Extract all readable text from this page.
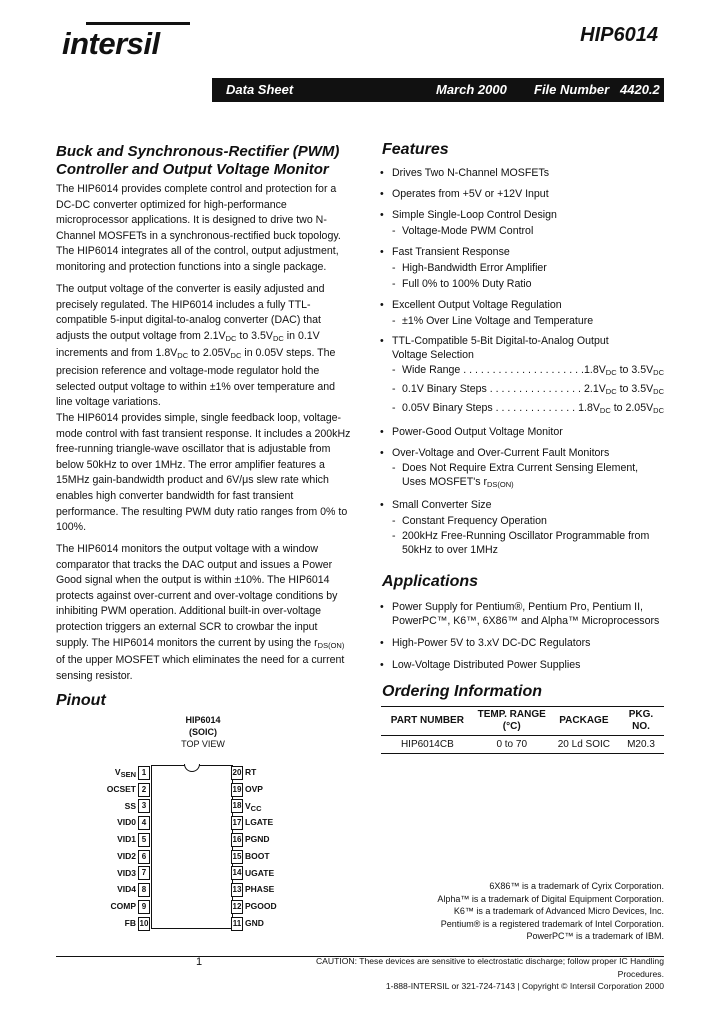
intersil	HIP6014
Data Sheet	March 2000 File Number 4420.2
Buck and Synchronous-Rectifier (PWM) Controller and Output Voltage Monitor
The HIP6014 provides complete control and protection for a DC-DC converter optimized for high-performance microprocessor applications. It is designed to drive two N-Channel MOSFETs in a synchronous-rectified buck topology. The HIP6014 integrates all of the control, output adjustment, monitoring and protection functions into a single package.
The output voltage of the converter is easily adjusted and precisely regulated. The HIP6014 includes a fully TTL-compatible 5-input digital-to-analog converter (DAC) that adjusts the output voltage from $2.1V_{DC}$ to $3.5V_{DC}$ in 0.1V increments and from $1.8V_{DC}$ to $2.05V_{DC}$ in 0.05V steps. The precision reference and voltage-mode regulator hold the selected output voltage to within ±1% over temperature and line voltage variations.
The HIP6014 provides simple, single feedback loop, voltage-mode control with fast transient response. It includes a 200kHz free-running triangle-wave oscillator that is adjustable from below 50kHz to over 1MHz. The error amplifier features a 15MHz gain-bandwidth product and 6V/μs slew rate which enables high converter bandwidth for fast transient performance. The resulting PWM duty ratio ranges from 0% to 100%.
The HIP6014 monitors the output voltage with a window comparator that tracks the DAC output and issues a Power Good signal when the output is within ±10%. The HIP6014 protects against over-current and over-voltage conditions by inhibiting PWM operation. Additional built-in over-voltage protection triggers an external SCR to crowbar the input supply. The HIP6014 monitors the current by using the $r_{DS(ON)}$ of the upper MOSFET which eliminates the need for a current sensing resistor.
Features
• Drives Two N-Channel MOSFETs
• Operates from +5V or +12V Input
• Simple Single-Loop Control Design
- Voltage-Mode PWM Control
• Fast Transient Response
- High-Bandwidth Error Amplifier
- Full 0% to 100% Duty Ratio
• Excellent Output Voltage Regulation
- ±1% Over Line Voltage and Temperature
• TTL-Compatible 5-Bit Digital-to-Analog Output Voltage Selection
- Wide Range . . .	$1.8V_{DC}$ to $3.5V_{DC}$
- 0.1V Binary Steps . . .	$2.1V_{DC}$ to $3.5V_{DC}$
- 0.05V Binary Steps . . .	$1.8V_{DC}$ to $2.05V_{DC}$
• Power-Good Output Voltage Monitor
• Over-Voltage and Over-Current Fault Monitors
- Does Not Require Extra Current Sensing Element, Uses MOSFET's $r_{DS(ON)}$
• Small Converter Size
- Constant Frequency Operation
- 200kHz Free-Running Oscillator Programmable from 50kHz to over 1MHz
Applications
• Power Supply for Pentium®, Pentium Pro, Pentium II, PowerPC™, K6™, 6X86™ and Alpha™ Microprocessors
• High-Power 5V to 3.xV DC-DC Regulators
• Low-Voltage Distributed Power Supplies
Ordering Information
PART NUMBER	TEMP. RANGE (°C)	PACKAGE	PKG. NO.
HIP6014CB	0 to 70	20 Ld SOIC	M20.3
Pinout
HIP6014
(SOIC)
TOP VIEW
$V_{SEN}$ 1
OCSET 2
SS 3
VID0 4
VID1 5
VID2 6
VID3 7
VID4 8
COMP 9
FB 10
20 RT
19 OVP
18 $V_{CC}$
17 LGATE
16 PGND
15 BOOT
14 UGATE
13 PHASE
12 PGOOD
11 GND
6X86™ is a trademark of Cyrix Corporation.
Alpha™ is a trademark of Digital Equipment Corporation.
K6™ is a trademark of Advanced Micro Devices, Inc.
Pentium® is a registered trademark of Intel Corporation.
PowerPC™ is a trademark of IBM.
1	CAUTION: These devices are sensitive to electrostatic discharge; follow proper IC Handling Procedures.
1-888-INTERSIL or 321-724-7143 | Copyright © Intersil Corporation 2000
